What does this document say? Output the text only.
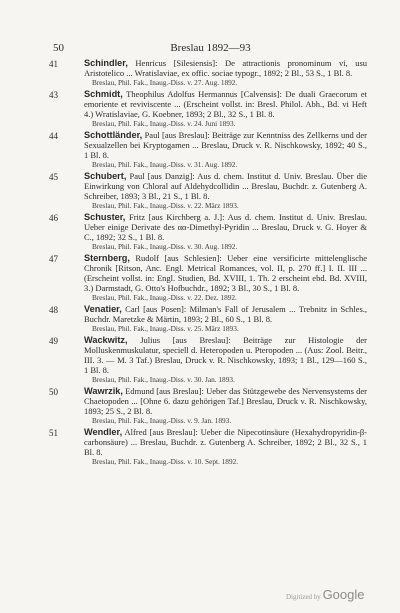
50	Breslau 1892—93
41	Schindler, Henricus [Silesiensis]: De attractionis pronominum vi, usu Aristotelico ... Wratislaviae, ex offic. sociae typogr., 1892; 2 Bl., 53 S., 1 Bl. 8.
Breslau, Phil. Fak., Inaug.-Diss. v. 27. Aug. 1892.
43	Schmidt, Theophilus Adolfus Hermannus [Calvensis]: De duali Graecorum et emoriente et reviviscente ... (Erscheint vollst. in: Bresl. Philol. Abh., Bd. vi Heft 4.) Wratislaviae, G. Koebner, 1893; 2 Bl., 32 S., 1 Bl. 8.
Breslau, Phil. Fak., Inaug.-Diss. v. 24. Juni 1893.
44	Schottländer, Paul [aus Breslau]: Beiträge zur Kenntniss des Zellkerns und der Sexualzellen bei Kryptogamen ... Breslau, Druck v. R. Nischkowsky, 1892; 40 S., 1 Bl. 8.
Breslau, Phil. Fak., Inaug.-Diss. v. 31. Aug. 1892.
45	Schubert, Paul [aus Danzig]: Aus d. chem. Institut d. Univ. Breslau. Über die Einwirkung von Chloral auf Aldehydcollidin ... Breslau, Buchdr. z. Gutenberg A. Schreiber, 1893; 3 Bl., 21 S., 1 Bl. 8.
Breslau, Phil. Fak., Inaug.-Diss. v. 22. März 1893.
46	Schuster, Fritz [aus Kirchberg a. J.]: Aus d. chem. Institut d. Univ. Breslau. Ueber einige Derivate des αα-Dimethyl-Pyridin ... Breslau, Druck v. G. Hoyer & C., 1892; 32 S., 1 Bl. 8.
Breslau, Phil. Fak., Inaug.-Diss. v. 30. Aug. 1892.
47	Sternberg, Rudolf [aus Schlesien]: Ueber eine versificirte mittelenglische Chronik [Ritson, Anc. Engl. Metrical Romances, vol. II, p. 270 ff.] I. II. III ... (Erscheint vollst. in: Engl. Studien, Bd. XVIII, 1. Th. 2 erscheint ebd. Bd. XVIII, 3.) Darmstadt, G. Otto's Hofbuchdr., 1892; 3 Bl., 30 S., 1 Bl. 8.
Breslau, Phil. Fak., Inaug.-Diss. v. 22. Dez. 1892.
48	Venatier, Carl [aus Posen]: Milman's Fall of Jerusalem ... Trebnitz in Schles., Buchdr. Maretzke & Märtin, 1893; 2 Bl., 60 S., 1 Bl. 8.
Breslau, Phil. Fak., Inaug.-Diss. v. 25. März 1893.
49	Wackwitz, Julius [aus Breslau]: Beiträge zur Histologie der Molluskenmuskulatur, speciell d. Heteropoden u. Pteropoden ... (Aus: Zool. Beitr., III. 3. — M. 3 Taf.) Breslau, Druck v. R. Nischkowsky, 1893; 1 Bl., 129—160 S., 1 Bl. 8.
Breslau, Phil. Fak., Inaug.-Diss. v. 30. Jan. 1893.
50	Wawrzik, Edmund [aus Breslau]: Ueber das Stützgewebe des Nervensystems der Chaetopoden ... [Ohne 6. dazu gehörigen Taf.] Breslau, Druck v. R. Nischkowsky, 1893; 25 S., 2 Bl. 8.
Breslau, Phil. Fak., Inaug.-Diss. v. 9. Jan. 1893.
51	Wendler, Alfred [aus Breslau]: Ueber die Nipecotinsäure (Hexahydropyridin-β-carbonsäure) ... Breslau, Buchdr. z. Gutenberg A. Schreiber, 1892; 2 Bl., 32 S., 1 Bl. 8.
Breslau, Phil. Fak., Inaug.-Diss. v. 10. Sept. 1892.
Digitized by Google
